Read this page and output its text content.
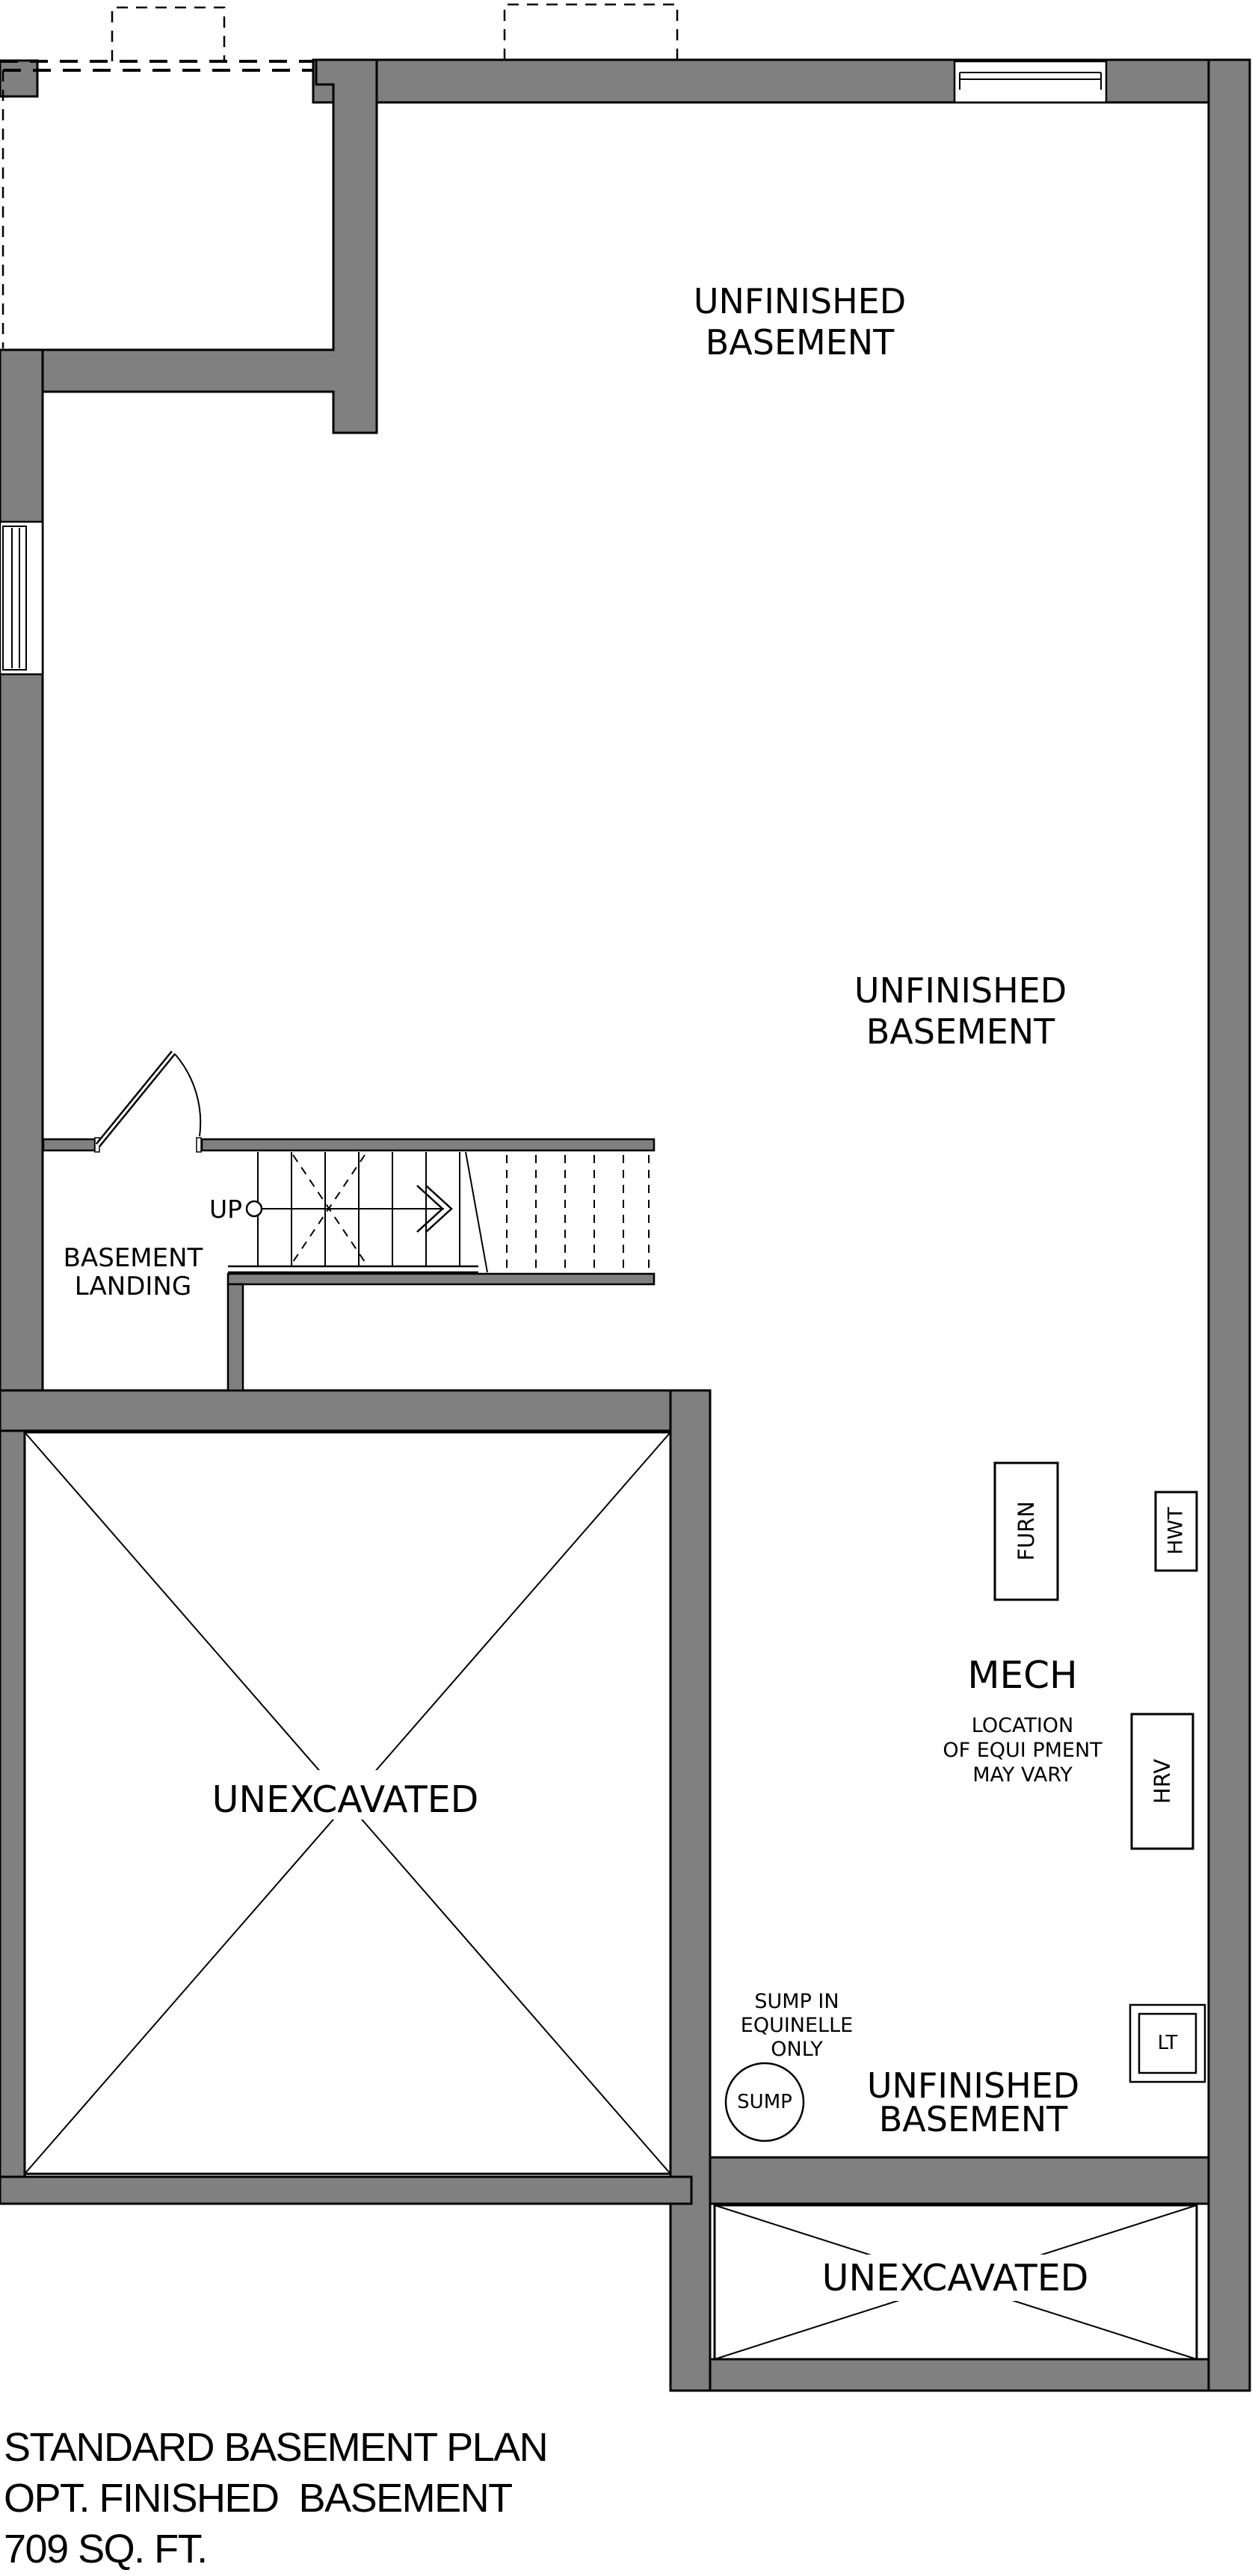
UNEXCAVATED
UNEXCAVATED
FURN	HWT
HRV
LT
SUMP
UNFINISHED
BASEMENT
UNFINISHED
BASEMENT
UNFINISHED
BASEMENT
BASEMENT
LANDING
UP
MECH
LOCATION
OF EQUI PMENT
MAY VARY
SUMP IN
EQUINELLE
ONLY
STANDARD BASEMENT PLAN
OPT. FINISHED  BASEMENT
709 SQ. FT.
